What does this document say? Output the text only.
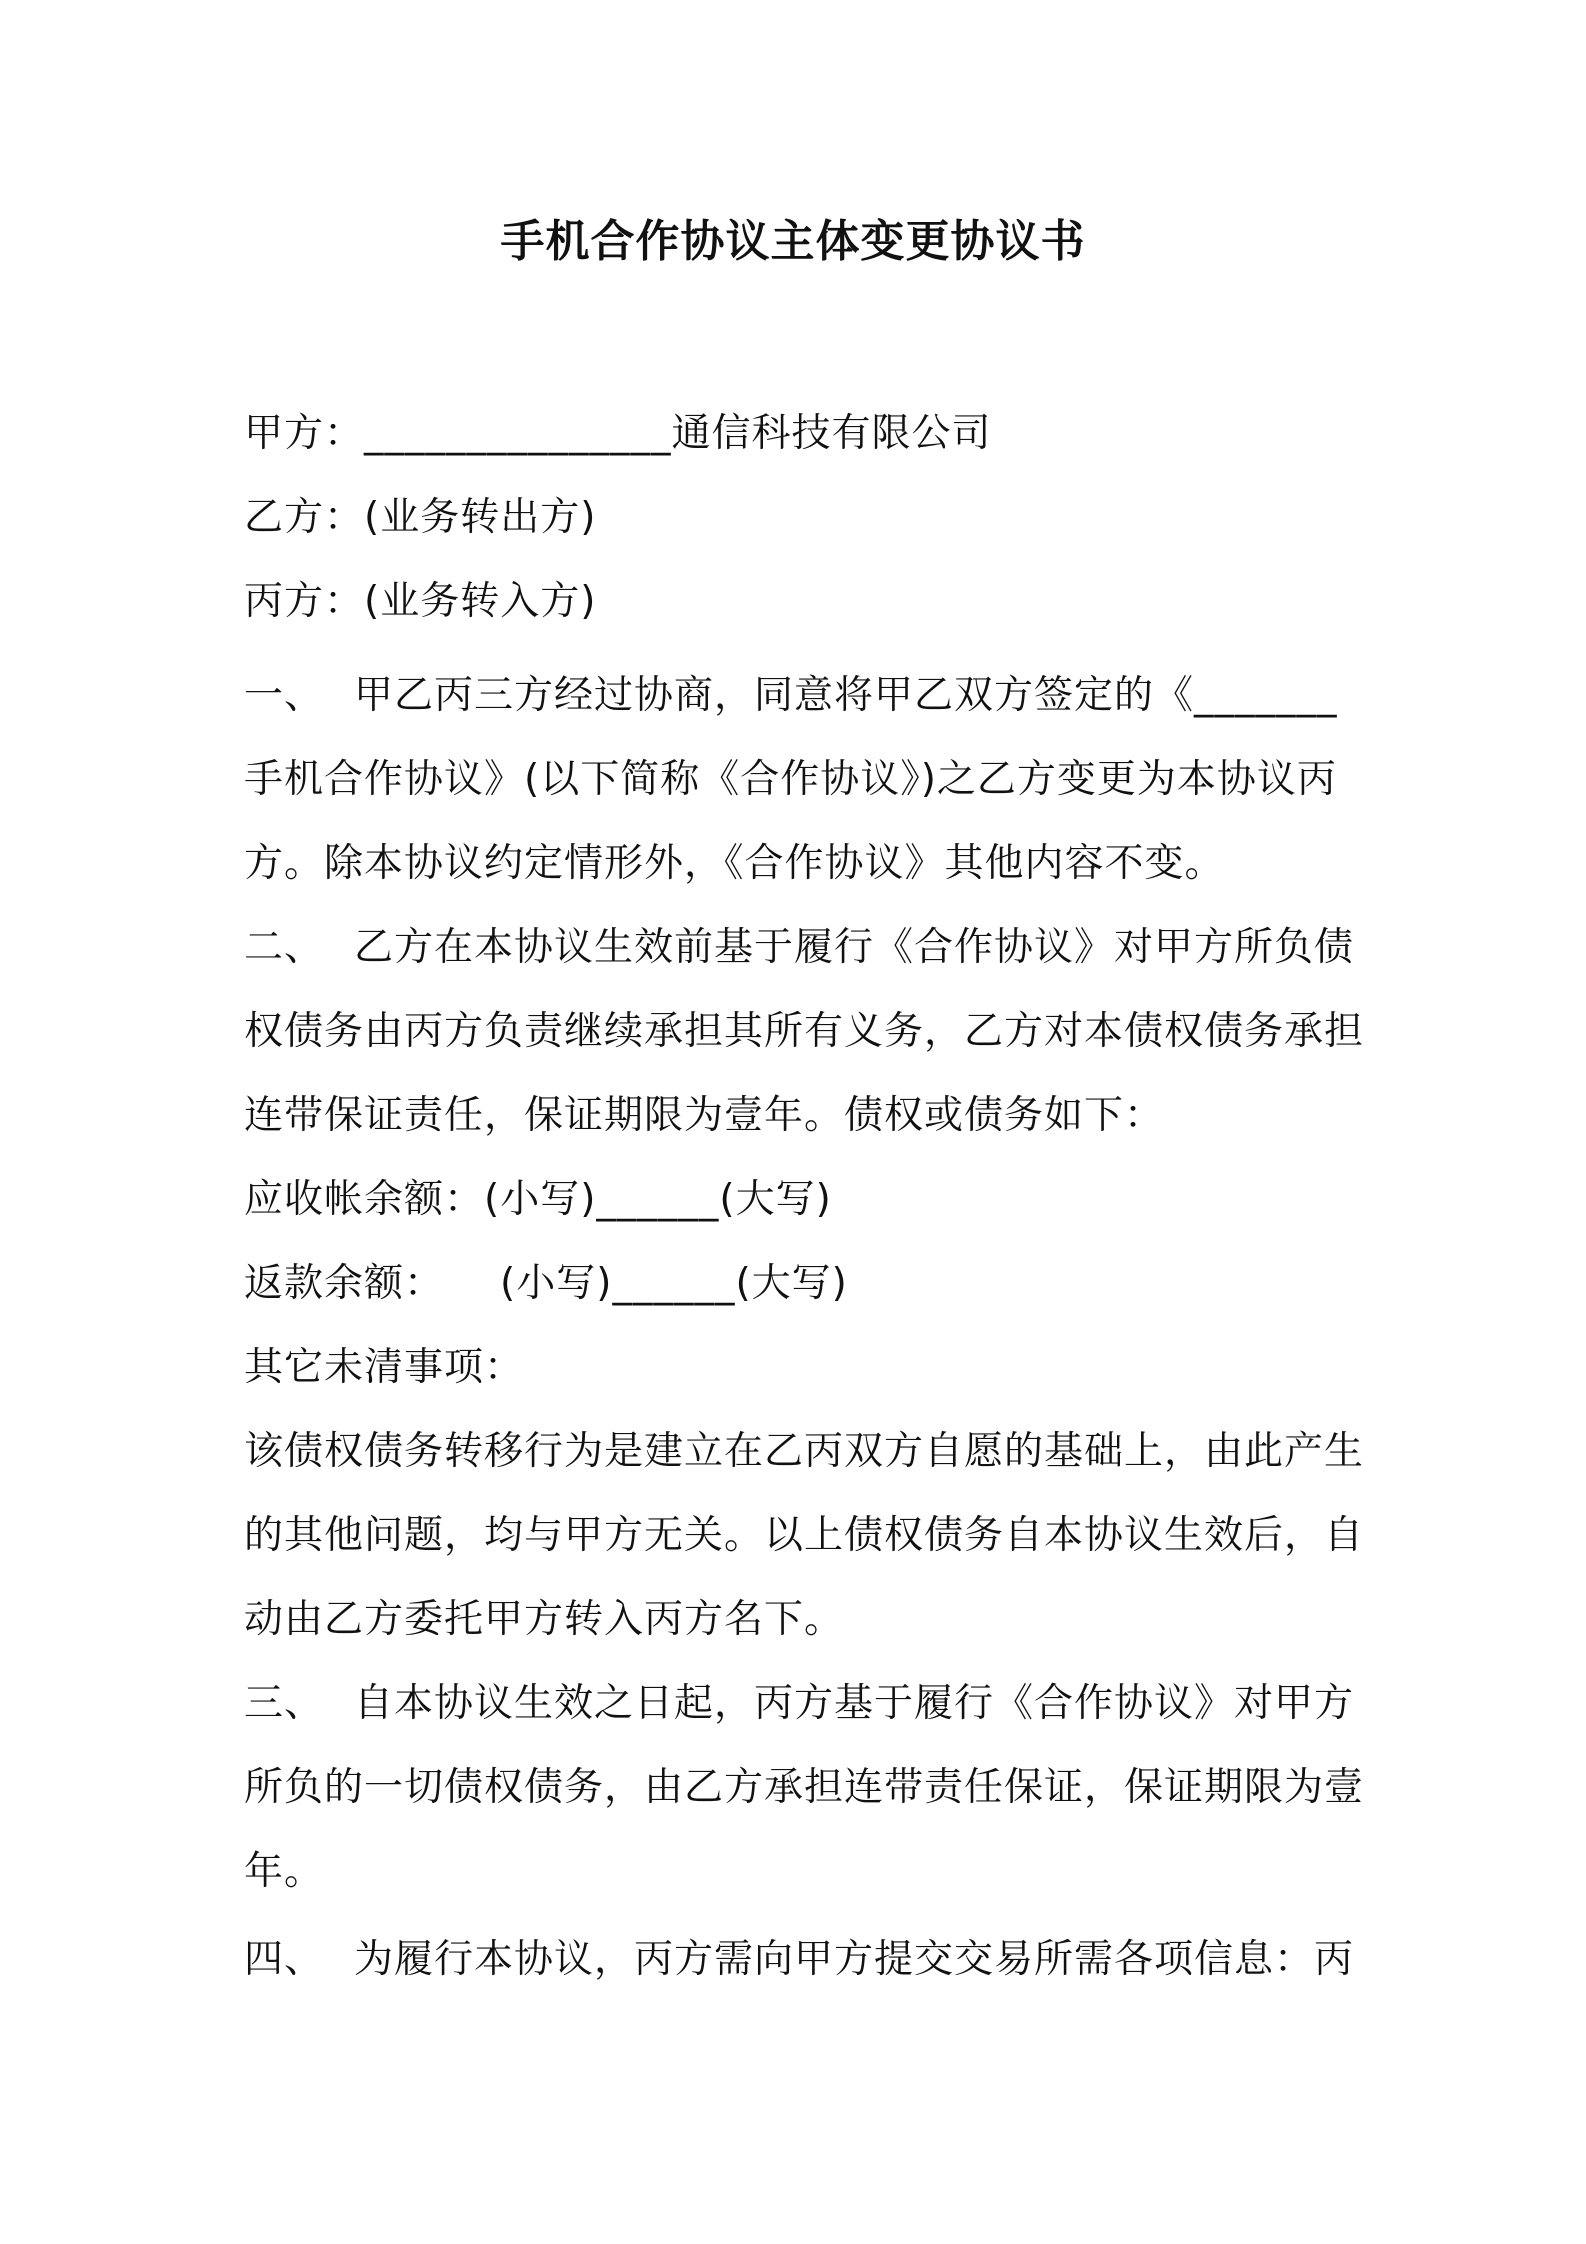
手机合作协议主体变更协议书
甲方：_______________通信科技有限公司
乙方：(业务转出方)
丙方：(业务转入方)
一、 甲乙丙三方经过协商，同意将甲乙双方签定的《_______
手机合作协议》(以下简称《合作协议》)之乙方变更为本协议丙
方。除本协议约定情形外，《合作协议》其他内容不变。
二、 乙方在本协议生效前基于履行《合作协议》对甲方所负债
权债务由丙方负责继续承担其所有义务，乙方对本债权债务承担
连带保证责任，保证期限为壹年。债权或债务如下：
应收帐余额：(小写)______(大写)
返款余额： (小写)______(大写)
其它未清事项：
该债权债务转移行为是建立在乙丙双方自愿的基础上，由此产生
的其他问题，均与甲方无关。以上债权债务自本协议生效后，自
动由乙方委托甲方转入丙方名下。
三、 自本协议生效之日起，丙方基于履行《合作协议》对甲方
所负的一切债权债务，由乙方承担连带责任保证，保证期限为壹
年。
四、 为履行本协议，丙方需向甲方提交交易所需各项信息：丙
